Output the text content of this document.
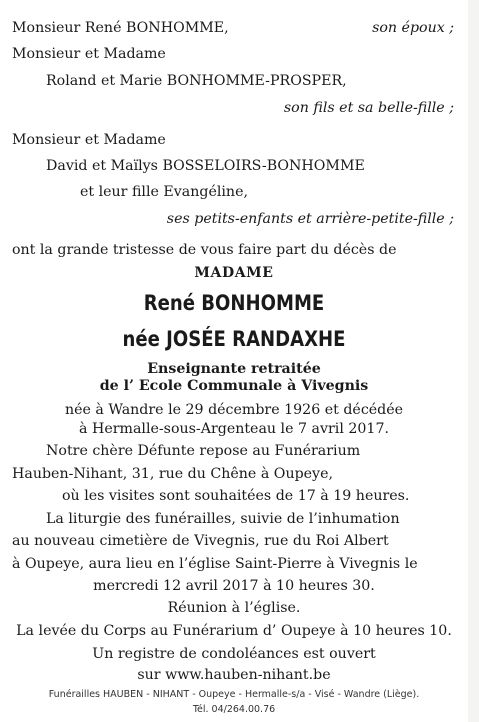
Monsieur René BONHOMME,	son époux ;
Monsieur et Madame
Roland et Marie BONHOMME-PROSPER,
son fils et sa belle-fille ;
Monsieur et Madame
David et Maïlys BOSSELOIRS-BONHOMME
et leur fille Evangéline,
ses petits-enfants et arrière-petite-fille ;
ont la grande tristesse de vous faire part du décès de
MADAME
René BONHOMME
née JOSÉE RANDAXHE
Enseignante retraitée
de l’ Ecole Communale à Vivegnis
née à Wandre le 29 décembre 1926 et décédée
à Hermalle-sous-Argenteau le 7 avril 2017.
Notre chère Défunte repose au Funérarium
Hauben-Nihant, 31, rue du Chêne à Oupeye,
où les visites sont souhaitées de 17 à 19 heures.
La liturgie des funérailles, suivie de l’inhumation
au nouveau cimetière de Vivegnis, rue du Roi Albert
à Oupeye, aura lieu en l’église Saint-Pierre à Vivegnis le
mercredi 12 avril 2017 à 10 heures 30.
Réunion à l’église.
La levée du Corps au Funérarium d’ Oupeye à 10 heures 10.
Un registre de condoléances est ouvert
sur www.hauben-nihant.be
Funérailles HAUBEN - NIHANT - Oupeye - Hermalle-s/a - Visé - Wandre (Liège).
Tél. 04/264.00.76
